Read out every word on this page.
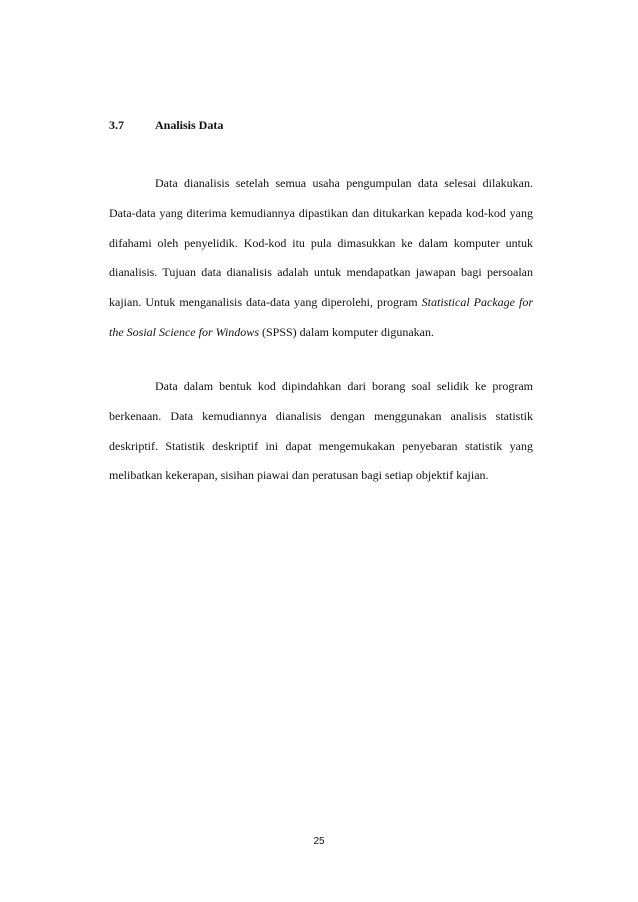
3.7	Analisis Data

Data dianalisis setelah semua usaha pengumpulan data selesai dilakukan. Data-data yang diterima kemudiannya dipastikan dan ditukarkan kepada kod-kod yang difahami oleh penyelidik. Kod-kod itu pula dimasukkan ke dalam komputer untuk dianalisis. Tujuan data dianalisis adalah untuk mendapatkan jawapan bagi persoalan kajian. Untuk menganalisis data-data yang diperolehi, program Statistical Package for the Sosial Science for Windows (SPSS) dalam komputer digunakan.

Data dalam bentuk kod dipindahkan dari borang soal selidik ke program berkenaan. Data kemudiannya dianalisis dengan menggunakan analisis statistik deskriptif. Statistik deskriptif ini dapat mengemukakan penyebaran statistik yang melibatkan kekerapan, sisihan piawai dan peratusan bagi setiap objektif kajian.

25
